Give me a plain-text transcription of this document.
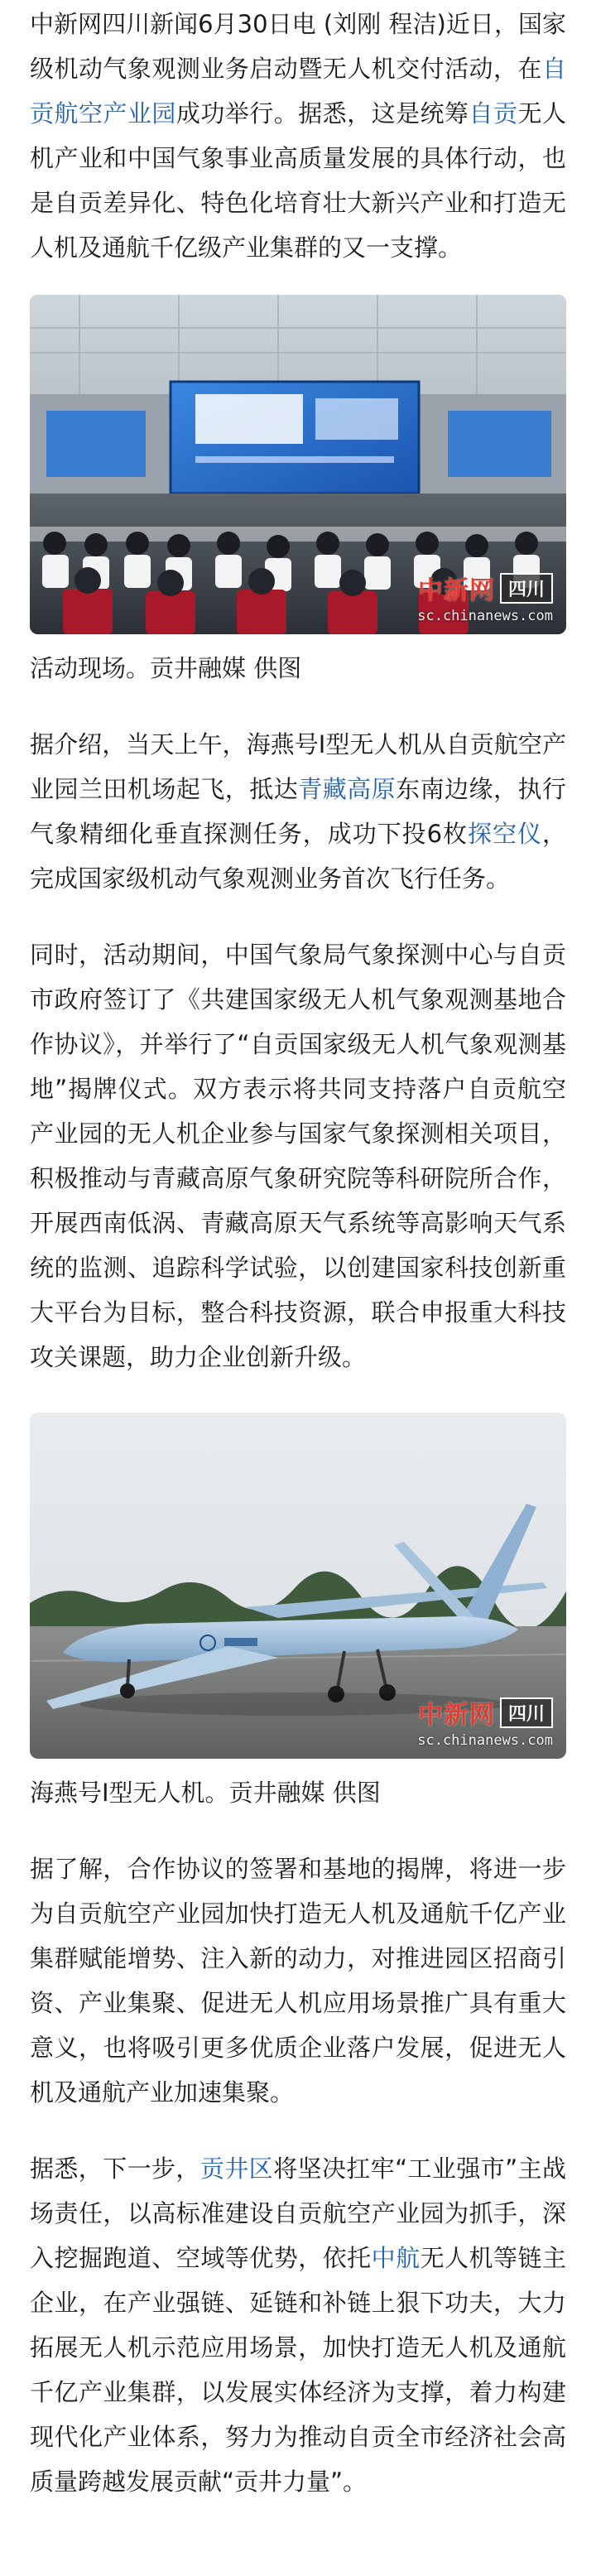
中新网四川新闻6月30日电 (刘刚 程洁)近日，国家级机动气象观测业务启动暨无人机交付活动，在自贡航空产业园成功举行。据悉，这是统筹自贡无人机产业和中国气象事业高质量发展的具体行动，也是自贡差异化、特色化培育壮大新兴产业和打造无人机及通航千亿级产业集群的又一支撑。

中新网 四川
sc.chinanews.com

活动现场。贡井融媒 供图

据介绍，当天上午，海燕号Ⅰ型无人机从自贡航空产业园兰田机场起飞，抵达青藏高原东南边缘，执行气象精细化垂直探测任务，成功下投6枚探空仪，完成国家级机动气象观测业务首次飞行任务。

同时，活动期间，中国气象局气象探测中心与自贡市政府签订了《共建国家级无人机气象观测基地合作协议》，并举行了“自贡国家级无人机气象观测基地”揭牌仪式。双方表示将共同支持落户自贡航空产业园的无人机企业参与国家气象探测相关项目，积极推动与青藏高原气象研究院等科研院所合作，开展西南低涡、青藏高原天气系统等高影响天气系统的监测、追踪科学试验，以创建国家科技创新重大平台为目标，整合科技资源，联合申报重大科技攻关课题，助力企业创新升级。

中新网 四川
sc.chinanews.com

海燕号Ⅰ型无人机。贡井融媒 供图

据了解，合作协议的签署和基地的揭牌，将进一步为自贡航空产业园加快打造无人机及通航千亿产业集群赋能增势、注入新的动力，对推进园区招商引资、产业集聚、促进无人机应用场景推广具有重大意义，也将吸引更多优质企业落户发展，促进无人机及通航产业加速集聚。

据悉，下一步，贡井区将坚决扛牢“工业强市”主战场责任，以高标准建设自贡航空产业园为抓手，深入挖掘跑道、空域等优势，依托中航无人机等链主企业，在产业强链、延链和补链上狠下功夫，大力拓展无人机示范应用场景，加快打造无人机及通航千亿产业集群，以发展实体经济为支撑，着力构建现代化产业体系，努力为推动自贡全市经济社会高质量跨越发展贡献“贡井力量”。
